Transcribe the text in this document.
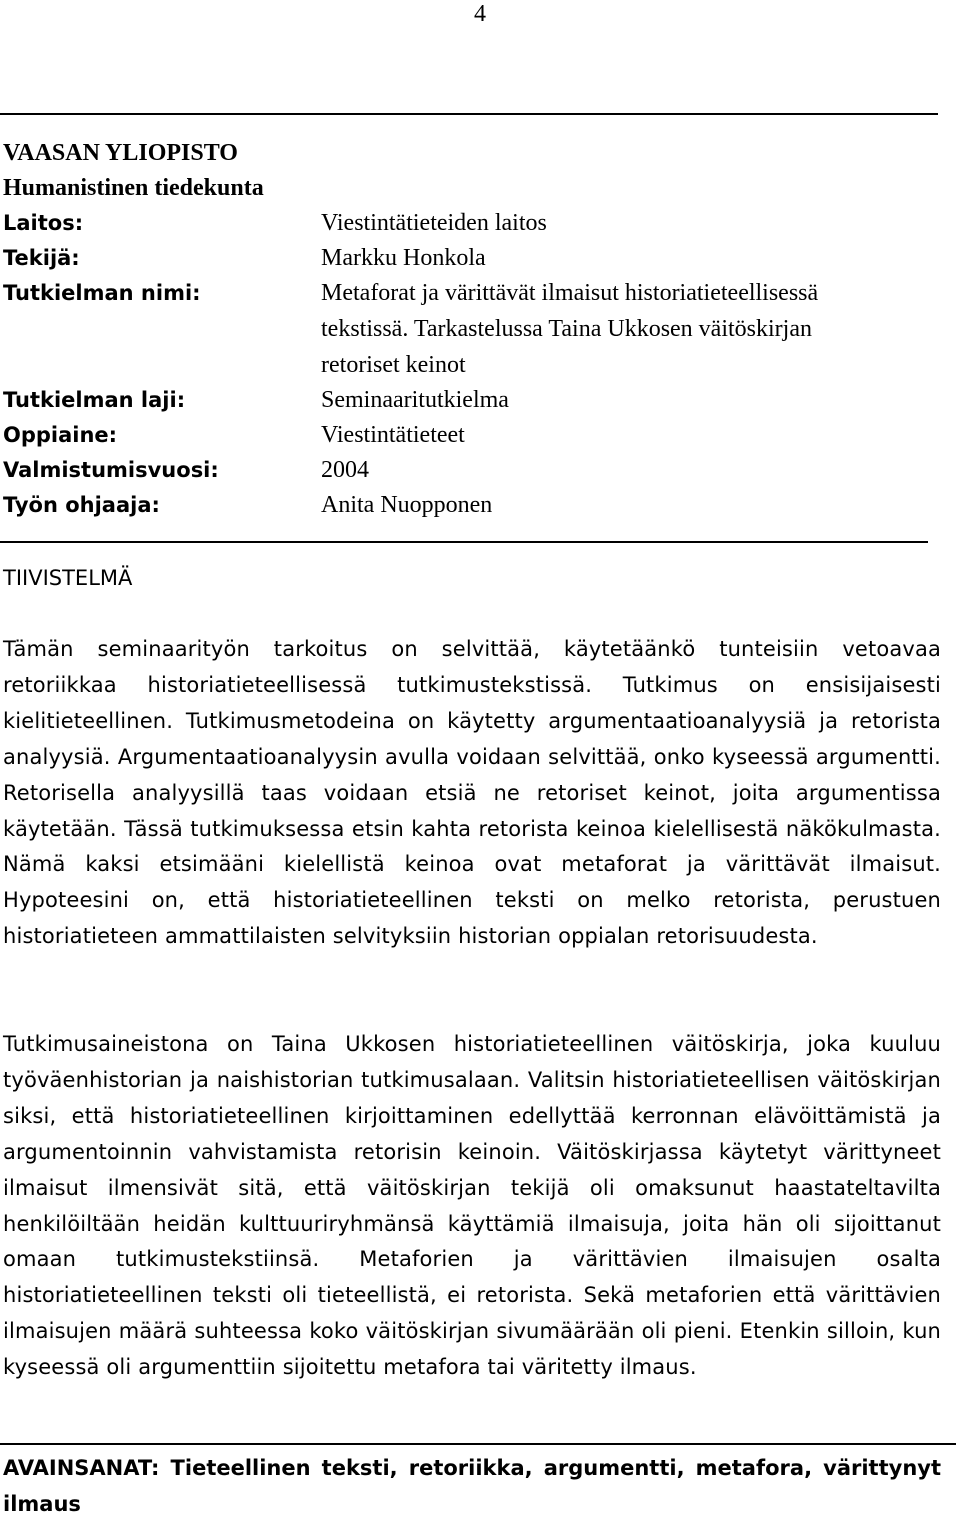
4
VAASAN YLIOPISTO
Humanistinen tiedekunta
Laitos:	Viestintätieteiden laitos
Tekijä:	Markku Honkola
Tutkielman nimi:	Metaforat ja värittävät ilmaisut historiatieteellisessä
tekstissä. Tarkastelussa Taina Ukkosen väitöskirjan
retoriset keinot
Tutkielman laji:	Seminaaritutkielma
Oppiaine:	Viestintätieteet
Valmistumisvuosi:	2004
Työn ohjaaja:	Anita Nuopponen
TIIVISTELMÄ

Tämän seminaarityön tarkoitus on selvittää, käytetäänkö tunteisiin vetoavaa retoriikkaa historiatieteellisessä tutkimustekstissä. Tutkimus on ensisijaisesti kielitieteellinen. Tutkimusmetodeina on käytetty argumentaatioanalyysiä ja retorista analyysiä. Argumentaatioanalyysin avulla voidaan selvittää, onko kyseessä argumentti. Retorisella analyysillä taas voidaan etsiä ne retoriset keinot, joita argumentissa käytetään. Tässä tutkimuksessa etsin kahta retorista keinoa kielellisestä näkökulmasta. Nämä kaksi etsimääni kielellistä keinoa ovat metaforat ja värittävät ilmaisut. Hypoteesini on, että historiatieteellinen teksti on melko retorista, perustuen historiatieteen ammattilaisten selvityksiin historian oppialan retorisuudesta.

Tutkimusaineistona on Taina Ukkosen historiatieteellinen väitöskirja, joka kuuluu työväenhistorian ja naishistorian tutkimusalaan. Valitsin historiatieteellisen väitöskirjan siksi, että historiatieteellinen kirjoittaminen edellyttää kerronnan elävöittämistä ja argumentoinnin vahvistamista retorisin keinoin. Väitöskirjassa käytetyt värittyneet ilmaisut ilmensivät sitä, että väitöskirjan tekijä oli omaksunut haastateltavilta henkilöiltään heidän kulttuuriryhmänsä käyttämiä ilmaisuja, joita hän oli sijoittanut omaan tutkimustekstiinsä. Metaforien ja värittävien ilmaisujen osalta historiatieteellinen teksti oli tieteellistä, ei retorista. Sekä metaforien että värittävien ilmaisujen määrä suhteessa koko väitöskirjan sivumäärään oli pieni. Etenkin silloin, kun kyseessä oli argumenttiin sijoitettu metafora tai väritetty ilmaus.

AVAINSANAT: Tieteellinen teksti, retoriikka, argumentti, metafora, värittynyt ilmaus
